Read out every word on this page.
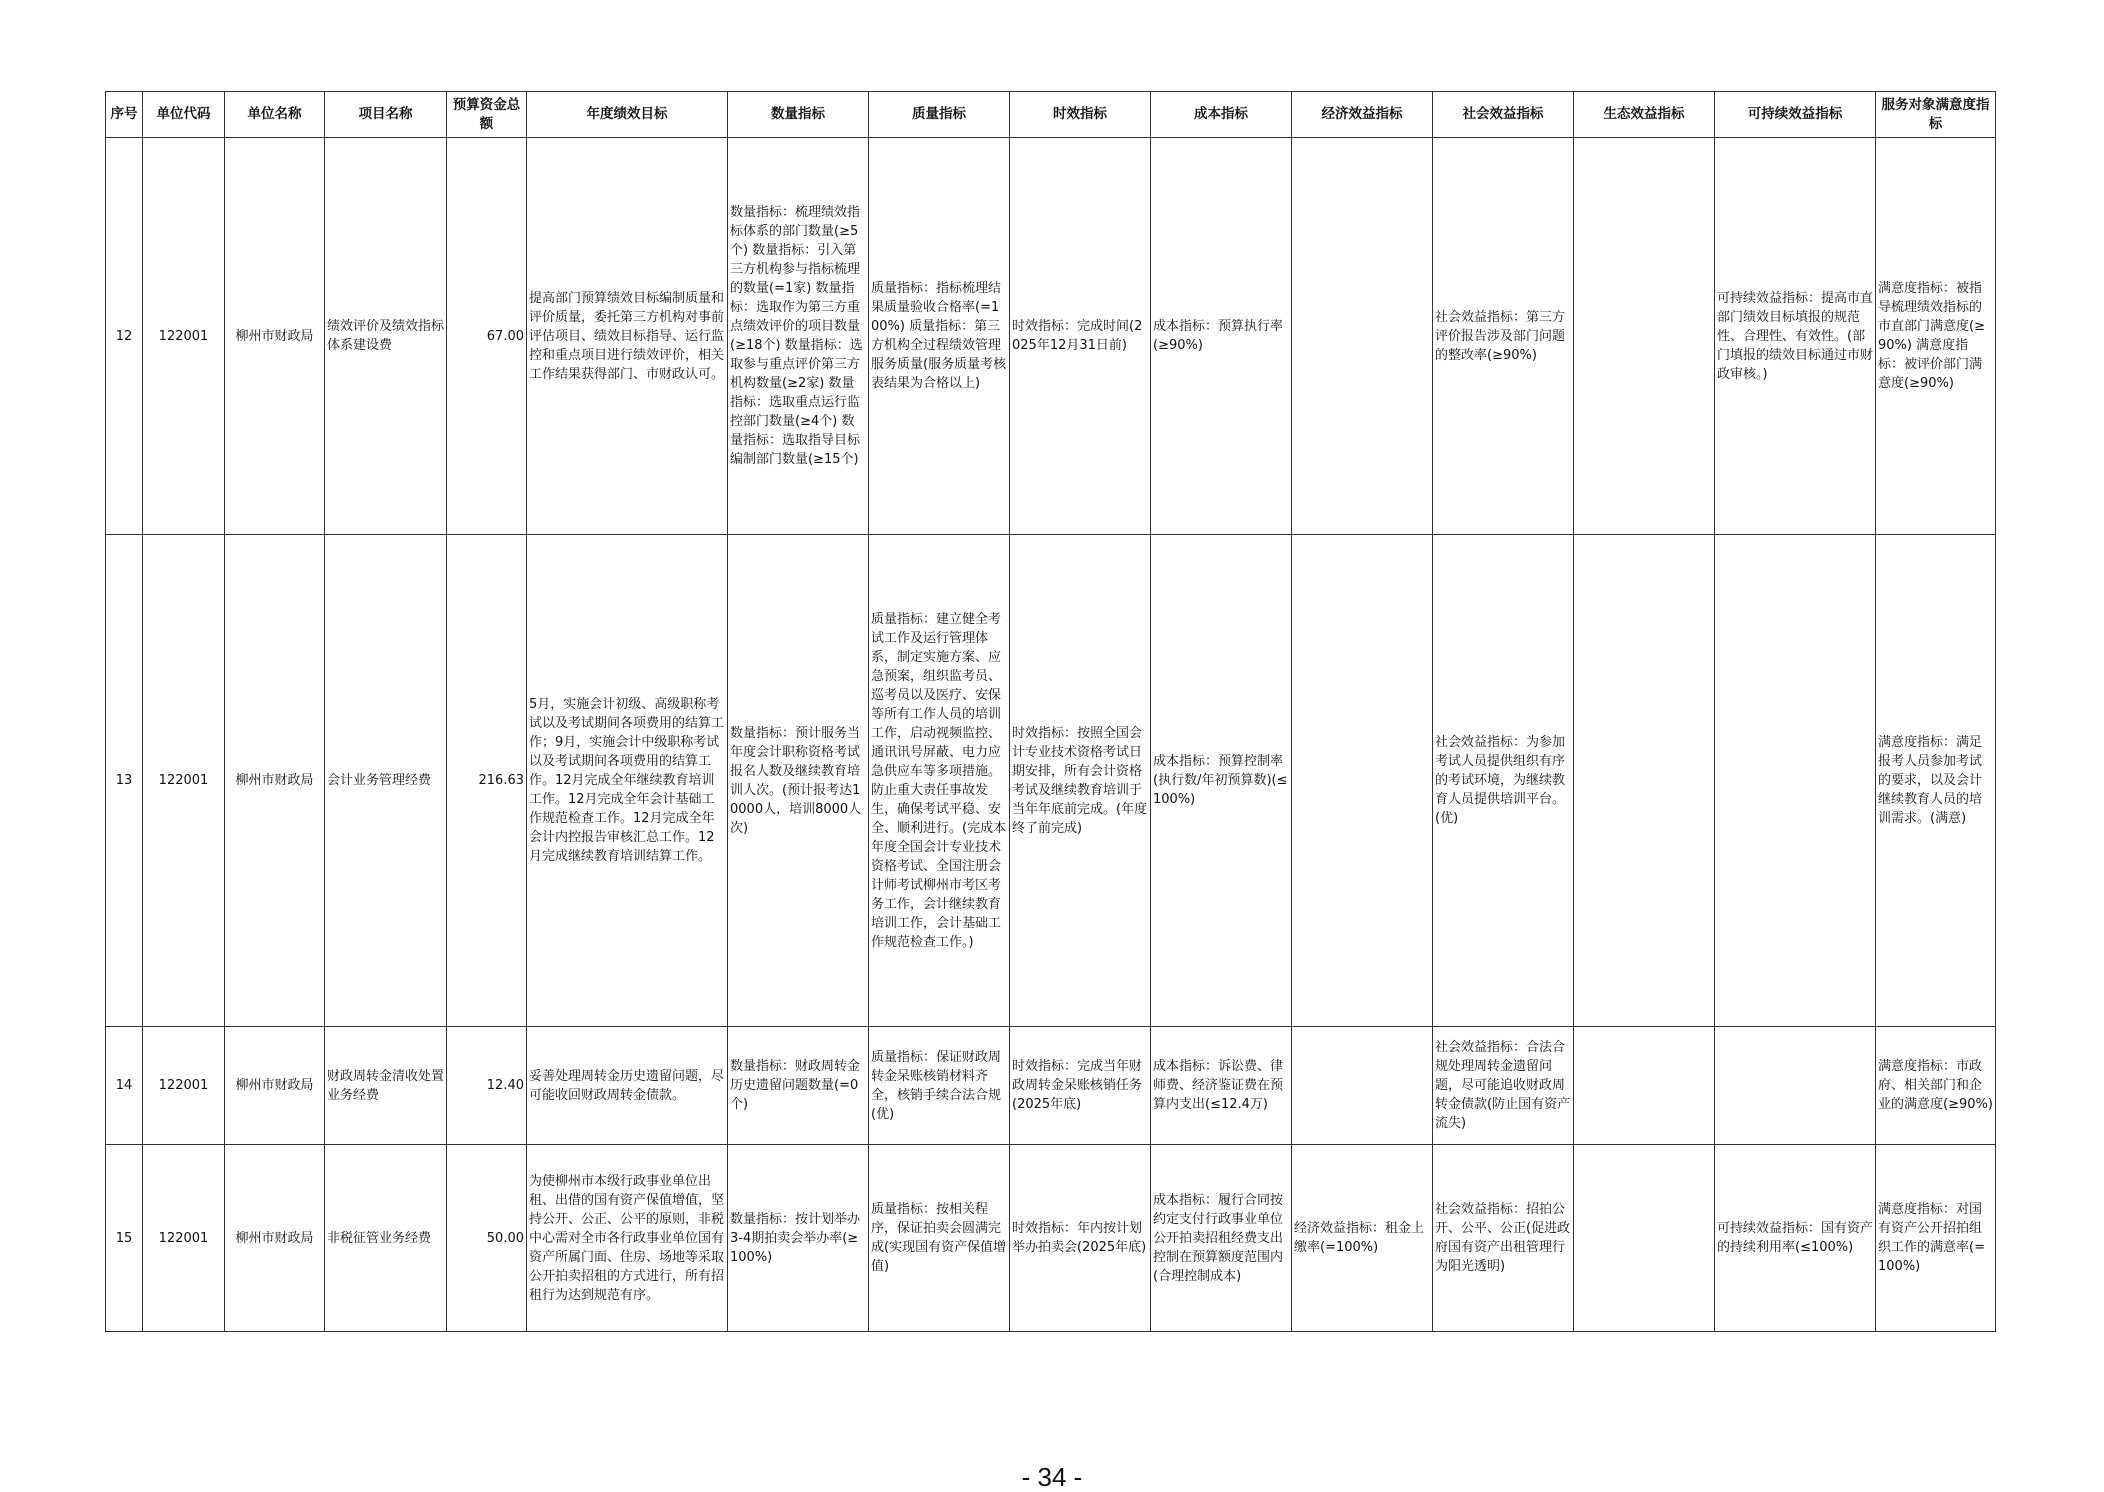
序号	单位代码	单位名称	项目名称	预算资金总额	年度绩效目标	数量指标	质量指标	时效指标	成本指标	经济效益指标	社会效益指标	生态效益指标	可持续效益指标	服务对象满意度指标
12	122001	柳州市财政局	绩效评价及绩效指标体系建设费	67.00	提高部门预算绩效目标编制质量和评价质量，委托第三方机构对事前评估项目、绩效目标指导、运行监控和重点项目进行绩效评价，相关工作结果获得部门、市财政认可。	数量指标：梳理绩效指标体系的部门数量(≥5个) 数量指标：引入第三方机构参与指标梳理的数量(=1家) 数量指标：选取作为第三方重点绩效评价的项目数量(≥18个) 数量指标：选取参与重点评价第三方机构数量(≥2家) 数量指标：选取重点运行监控部门数量(≥4个) 数量指标：选取指导目标编制部门数量(≥15个)	质量指标：指标梳理结果质量验收合格率(=100%) 质量指标：第三方机构全过程绩效管理服务质量(服务质量考核表结果为合格以上)	时效指标：完成时间(2025年12月31日前)	成本指标：预算执行率(≥90%)		社会效益指标：第三方评价报告涉及部门问题的整改率(≥90%)		可持续效益指标：提高市直部门绩效目标填报的规范性、合理性、有效性。(部门填报的绩效目标通过市财政审核。)	满意度指标：被指导梳理绩效指标的市直部门满意度(≥90%) 满意度指标：被评价部门满意度(≥90%)
13	122001	柳州市财政局	会计业务管理经费	216.63	5月，实施会计初级、高级职称考试以及考试期间各项费用的结算工作；9月，实施会计中级职称考试以及考试期间各项费用的结算工作。12月完成全年继续教育培训工作。12月完成全年会计基础工作规范检查工作。12月完成全年会计内控报告审核汇总工作。12月完成继续教育培训结算工作。	数量指标：预计服务当年度会计职称资格考试报名人数及继续教育培训人次。(预计报考达10000人，培训8000人次)	质量指标：建立健全考试工作及运行管理体系，制定实施方案、应急预案，组织监考员、巡考员以及医疗、安保等所有工作人员的培训工作，启动视频监控、通讯讯号屏蔽、电力应急供应车等多项措施。防止重大责任事故发生，确保考试平稳、安全、顺利进行。(完成本年度全国会计专业技术资格考试、全国注册会计师考试柳州市考区考务工作，会计继续教育培训工作，会计基础工作规范检查工作。)	时效指标：按照全国会计专业技术资格考试日期安排，所有会计资格考试及继续教育培训于当年年底前完成。(年度终了前完成)	成本指标：预算控制率(执行数/年初预算数)(≤100%)		社会效益指标：为参加考试人员提供组织有序的考试环境，为继续教育人员提供培训平台。(优)			满意度指标：满足报考人员参加考试的要求，以及会计继续教育人员的培训需求。(满意)
14	122001	柳州市财政局	财政周转金清收处置业务经费	12.40	妥善处理周转金历史遗留问题，尽可能收回财政周转金债款。	数量指标：财政周转金历史遗留问题数量(=0个)	质量指标：保证财政周转金呆账核销材料齐全，核销手续合法合规(优)	时效指标：完成当年财政周转金呆账核销任务(2025年底)	成本指标：诉讼费、律师费、经济鉴证费在预算内支出(≤12.4万)		社会效益指标：合法合规处理周转金遗留问题，尽可能追收财政周转金债款(防止国有资产流失)			满意度指标：市政府、相关部门和企业的满意度(≥90%)
15	122001	柳州市财政局	非税征管业务经费	50.00	为使柳州市本级行政事业单位出租、出借的国有资产保值增值，坚持公开、公正、公平的原则，非税中心需对全市各行政事业单位国有资产所属门面、住房、场地等采取公开拍卖招租的方式进行，所有招租行为达到规范有序。	数量指标：按计划举办3-4期拍卖会举办率(≥100%)	质量指标：按相关程序，保证拍卖会圆满完成(实现国有资产保值增值)	时效指标：年内按计划举办拍卖会(2025年底)	成本指标：履行合同按约定支付行政事业单位公开拍卖招租经费支出控制在预算额度范围内(合理控制成本)	经济效益指标：租金上缴率(=100%)	社会效益指标：招拍公开、公平、公正(促进政府国有资产出租管理行为阳光透明)		可持续效益指标：国有资产的持续利用率(≤100%)	满意度指标：对国有资产公开招拍组织工作的满意率(=100%)
- 34 -
